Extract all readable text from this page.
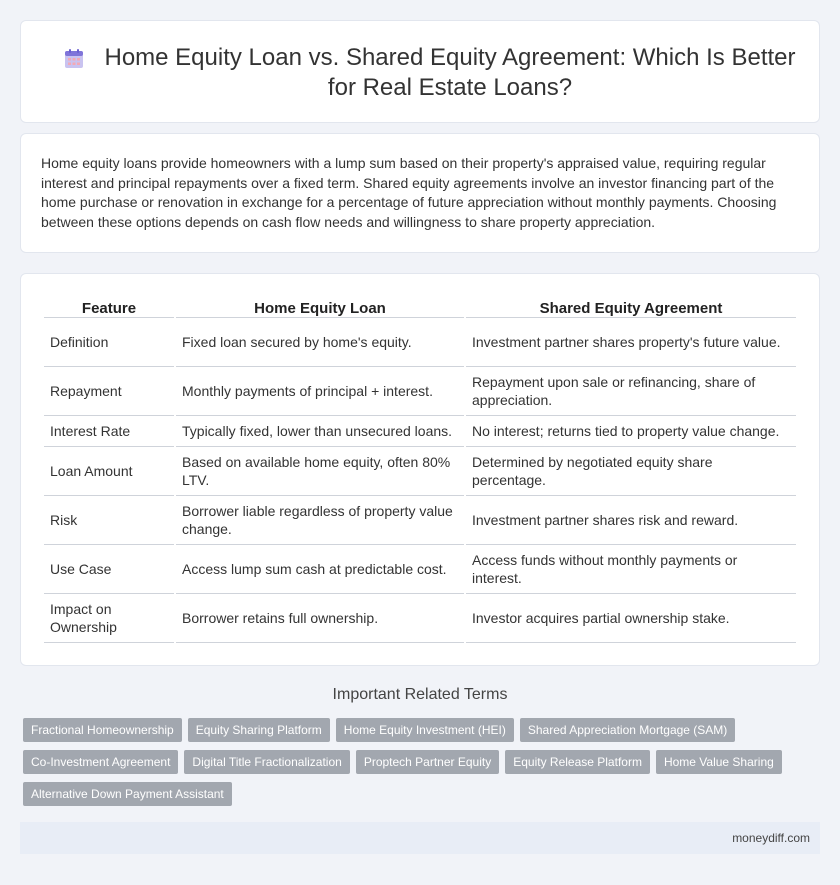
Home Equity Loan vs. Shared Equity Agreement: Which Is Better for Real Estate Loans?

Home equity loans provide homeowners with a lump sum based on their property's appraised value, requiring regular interest and principal repayments over a fixed term. Shared equity agreements involve an investor financing part of the home purchase or renovation in exchange for a percentage of future appreciation without monthly payments. Choosing between these options depends on cash flow needs and willingness to share property appreciation.

Feature	Home Equity Loan	Shared Equity Agreement
Definition	Fixed loan secured by home's equity.	Investment partner shares property's future value.
Repayment	Monthly payments of principal + interest.	Repayment upon sale or refinancing, share of appreciation.
Interest Rate	Typically fixed, lower than unsecured loans.	No interest; returns tied to property value change.
Loan Amount	Based on available home equity, often 80% LTV.	Determined by negotiated equity share percentage.
Risk	Borrower liable regardless of property value change.	Investment partner shares risk and reward.
Use Case	Access lump sum cash at predictable cost.	Access funds without monthly payments or interest.
Impact on Ownership	Borrower retains full ownership.	Investor acquires partial ownership stake.
Important Related Terms
Fractional Homeownership	Equity Sharing Platform	Home Equity Investment (HEI)	Shared Appreciation Mortgage (SAM)
Co-Investment Agreement	Digital Title Fractionalization	Proptech Partner Equity	Equity Release Platform	Home Value Sharing
Alternative Down Payment Assistant
moneydiff.com
